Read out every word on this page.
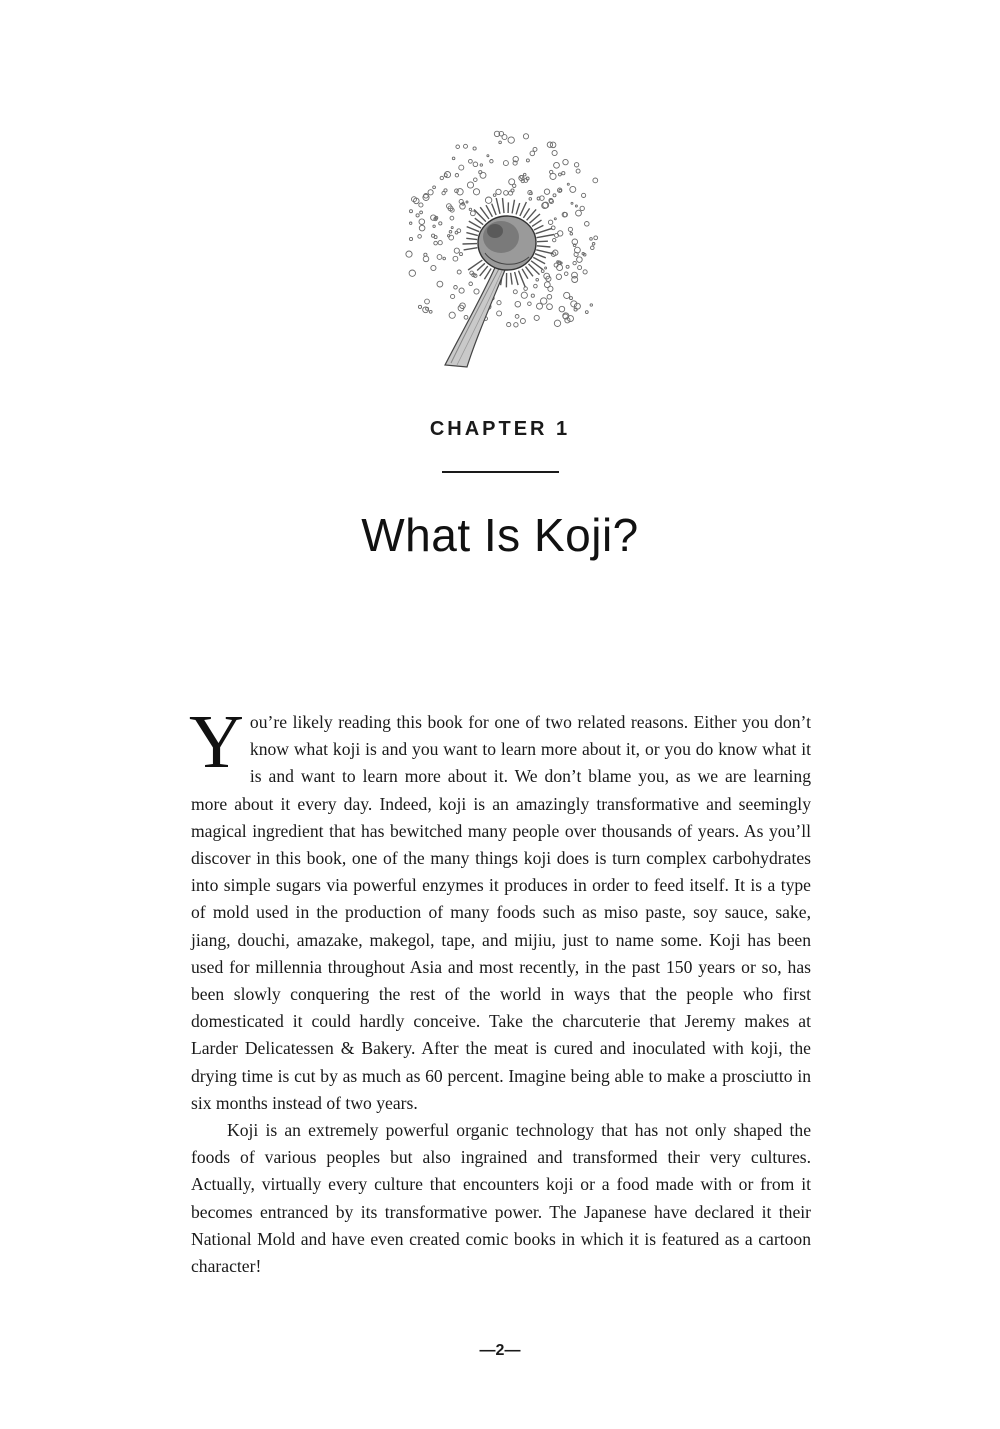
CHAPTER 1
What Is Koji?

You’re likely reading this book for one of two related reasons. Either you don’t know what koji is and you want to learn more about it, or you do know what it is and want to learn more about it. We don’t blame you, as we are learning more about it every day. Indeed, koji is an amazingly transformative and seemingly magical ingredient that has bewitched many people over thousands of years. As you’ll discover in this book, one of the many things koji does is turn complex carbohydrates into simple sugars via powerful enzymes it produces in order to feed itself. It is a type of mold used in the production of many foods such as miso paste, soy sauce, sake, jiang, douchi, amazake, makegol, tape, and mijiu, just to name some. Koji has been used for millennia throughout Asia and most recently, in the past 150 years or so, has been slowly conquering the rest of the world in ways that the people who first domesticated it could hardly conceive. Take the charcuterie that Jeremy makes at Larder Delicatessen & Bakery. After the meat is cured and inoculated with koji, the drying time is cut by as much as 60 percent. Imagine being able to make a prosciutto in six months instead of two years.

Koji is an extremely powerful organic technology that has not only shaped the foods of various peoples but also ingrained and transformed their very cultures. Actually, virtually every culture that encounters koji or a food made with or from it becomes entranced by its transformative power. The Japanese have declared it their National Mold and have even created comic books in which it is featured as a cartoon character!

—2—
